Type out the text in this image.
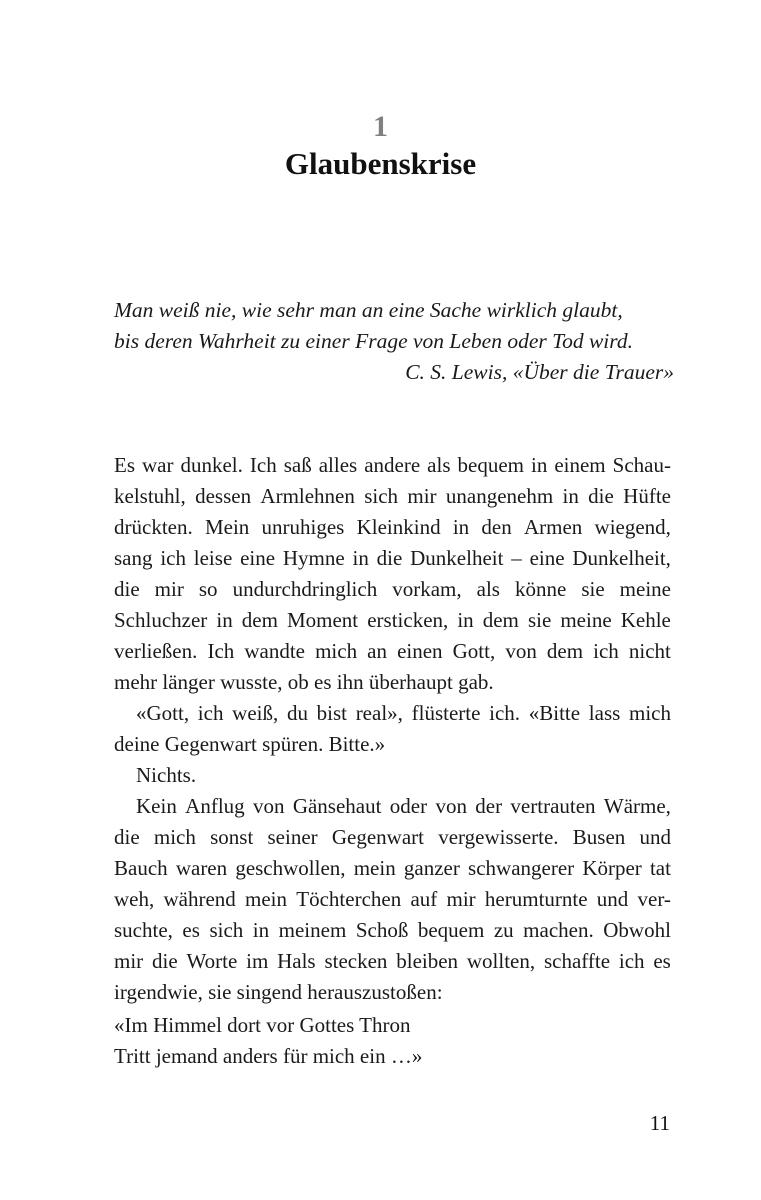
1
Glaubenskrise
Man weiß nie, wie sehr man an eine Sache wirklich glaubt,
bis deren Wahrheit zu einer Frage von Leben oder Tod wird.
C. S. Lewis, «Über die Trauer»
Es war dunkel. Ich saß alles andere als bequem in einem Schau-
kelstuhl, dessen Armlehnen sich mir unangenehm in die Hüfte
drückten. Mein unruhiges Kleinkind in den Armen wiegend,
sang ich leise eine Hymne in die Dunkelheit – eine Dunkelheit,
die mir so undurchdringlich vorkam, als könne sie meine
Schluchzer in dem Moment ersticken, in dem sie meine Kehle
verließen. Ich wandte mich an einen Gott, von dem ich nicht
mehr länger wusste, ob es ihn überhaupt gab.
«Gott, ich weiß, du bist real», flüsterte ich. «Bitte lass mich
deine Gegenwart spüren. Bitte.»
Nichts.
Kein Anflug von Gänsehaut oder von der vertrauten Wärme,
die mich sonst seiner Gegenwart vergewisserte. Busen und
Bauch waren geschwollen, mein ganzer schwangerer Körper tat
weh, während mein Töchterchen auf mir herumturnte und ver-
suchte, es sich in meinem Schoß bequem zu machen. Obwohl
mir die Worte im Hals stecken bleiben wollten, schaffte ich es
irgendwie, sie singend herauszustoßen:
«Im Himmel dort vor Gottes Thron
Tritt jemand anders für mich ein …»
11
